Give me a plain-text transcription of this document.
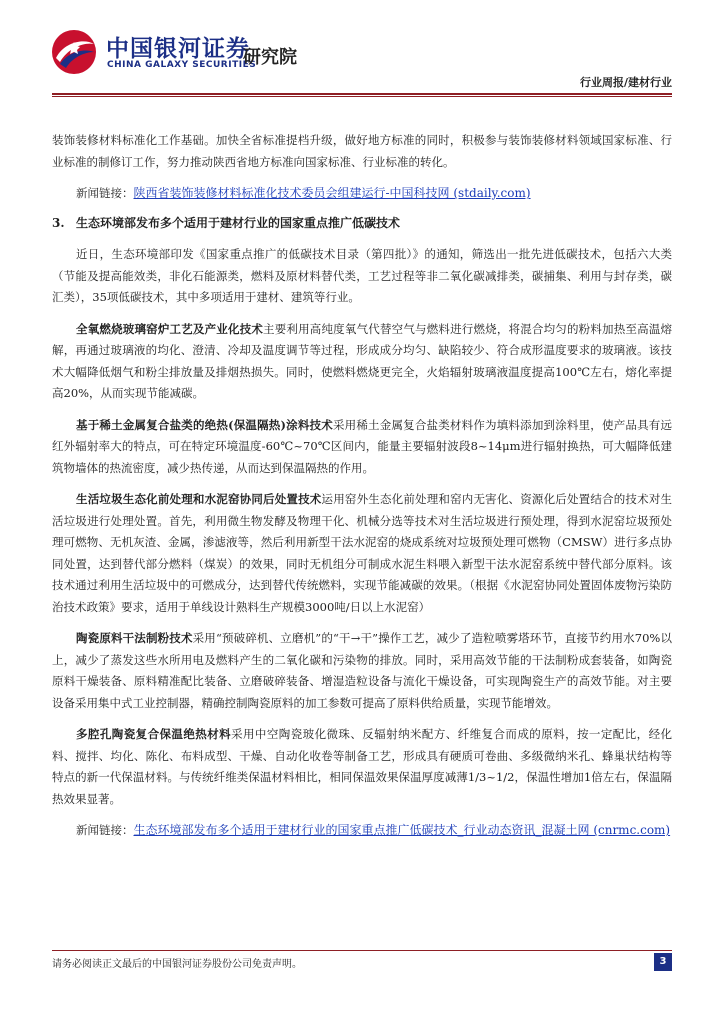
中国银河证券
CHINA GALAXY SECURITIES
研究院
行业周报/建材行业

装饰装修材料标准化工作基础。加快全省标准提档升级，做好地方标准的同时，积极参与装饰装修材料领域国家标准、行业标准的制修订工作，努力推动陕西省地方标准向国家标准、行业标准的转化。

新闻链接：陕西省装饰装修材料标准化技术委员会组建运行-中国科技网 (stdaily.com)

3. 生态环境部发布多个适用于建材行业的国家重点推广低碳技术

近日，生态环境部印发《国家重点推广的低碳技术目录（第四批）》的通知，筛选出一批先进低碳技术，包括六大类（节能及提高能效类，非化石能源类，燃料及原材料替代类，工艺过程等非二氧化碳减排类，碳捕集、利用与封存类，碳汇类），35项低碳技术，其中多项适用于建材、建筑等行业。

全氧燃烧玻璃窑炉工艺及产业化技术主要利用高纯度氧气代替空气与燃料进行燃烧，将混合均匀的粉料加热至高温熔解，再通过玻璃液的均化、澄清、冷却及温度调节等过程，形成成分均匀、缺陷较少、符合成形温度要求的玻璃液。该技术大幅降低烟气和粉尘排放量及排烟热损失。同时，使燃料燃烧更完全，火焰辐射玻璃液温度提高100℃左右，熔化率提高20%，从而实现节能减碳。

基于稀土金属复合盐类的绝热(保温隔热)涂料技术采用稀土金属复合盐类材料作为填料添加到涂料里，使产品具有远红外辐射率大的特点，可在特定环境温度-60℃~70℃区间内，能量主要辐射波段8~14μm进行辐射换热，可大幅降低建筑物墙体的热流密度，减少热传递，从而达到保温隔热的作用。

生活垃圾生态化前处理和水泥窑协同后处置技术运用窑外生态化前处理和窑内无害化、资源化后处置结合的技术对生活垃圾进行处理处置。首先，利用微生物发酵及物理干化、机械分选等技术对生活垃圾进行预处理，得到水泥窑垃圾预处理可燃物、无机灰渣、金属，渗滤液等，然后利用新型干法水泥窑的烧成系统对垃圾预处理可燃物（CMSW）进行多点协同处置，达到替代部分燃料（煤炭）的效果，同时无机组分可制成水泥生料喂入新型干法水泥窑系统中替代部分原料。该技术通过利用生活垃圾中的可燃成分，达到替代传统燃料，实现节能减碳的效果。（根据《水泥窑协同处置固体废物污染防治技术政策》要求，适用于单线设计熟料生产规模3000吨/日以上水泥窑）

陶瓷原料干法制粉技术采用“预破碎机、立磨机”的“干→干”操作工艺，减少了造粒喷雾塔环节，直接节约用水70%以上，减少了蒸发这些水所用电及燃料产生的二氧化碳和污染物的排放。同时，采用高效节能的干法制粉成套装备，如陶瓷原料干燥装备、原料精准配比装备、立磨破碎装备、增湿造粒设备与流化干燥设备，可实现陶瓷生产的高效节能。对主要设备采用集中式工业控制器，精确控制陶瓷原料的加工参数可提高了原料供给质量，实现节能增效。

多腔孔陶瓷复合保温绝热材料采用中空陶瓷玻化微珠、反辐射纳米配方、纤维复合而成的原料，按一定配比，经化料、搅拌、均化、陈化、布料成型、干燥、自动化收卷等制备工艺，形成具有硬质可卷曲、多级微纳米孔、蜂巢状结构等特点的新一代保温材料。与传统纤维类保温材料相比，相同保温效果保温厚度减薄1/3~1/2，保温性增加1倍左右，保温隔热效果显著。

新闻链接：生态环境部发布多个适用于建材行业的国家重点推广低碳技术_行业动态资讯_混凝土网 (cnrmc.com)

请务必阅读正文最后的中国银河证券股份公司免责声明。	3
